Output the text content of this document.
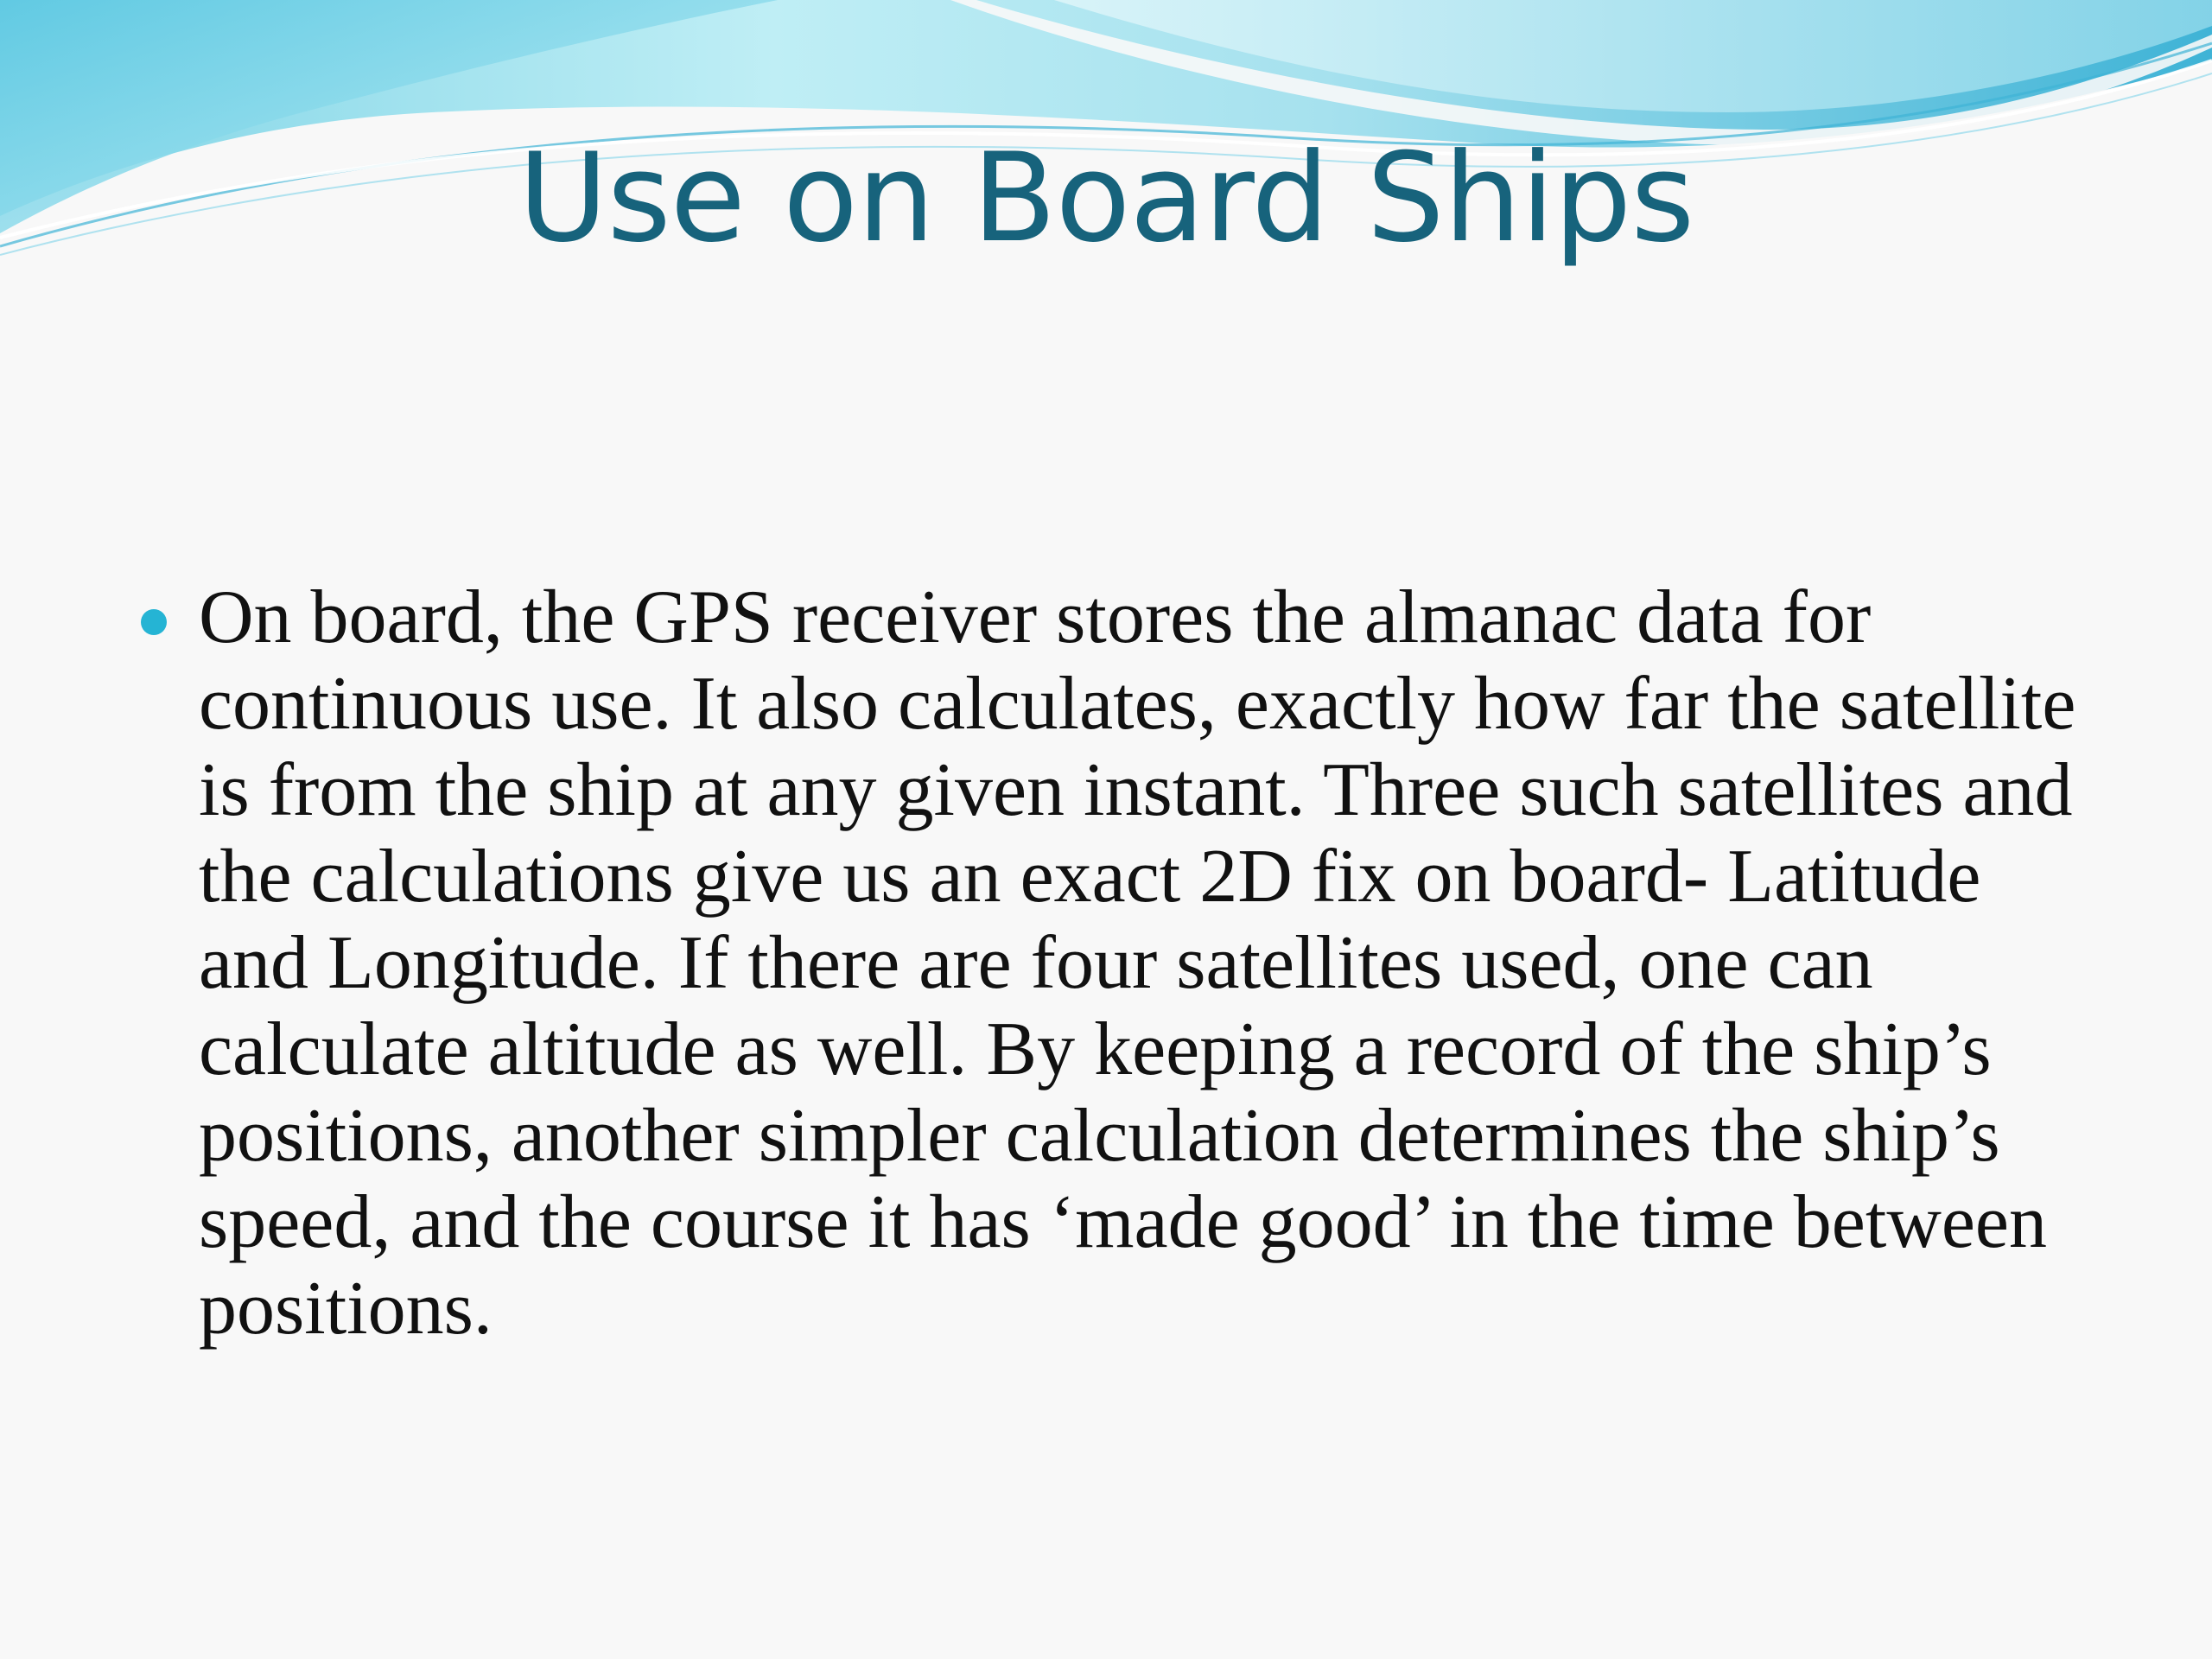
Use on Board Ships
On board, the GPS receiver stores the almanac data for continuous use. It also calculates, exactly how far the satellite is from the ship at any given instant. Three such satellites and the calculations give us an exact 2D fix on board- Latitude and Longitude. If there are four satellites used, one can calculate altitude as well. By keeping a record of the ship’s positions, another simpler calculation determines the ship’s speed, and the course it has ‘made good’ in the time between positions.
